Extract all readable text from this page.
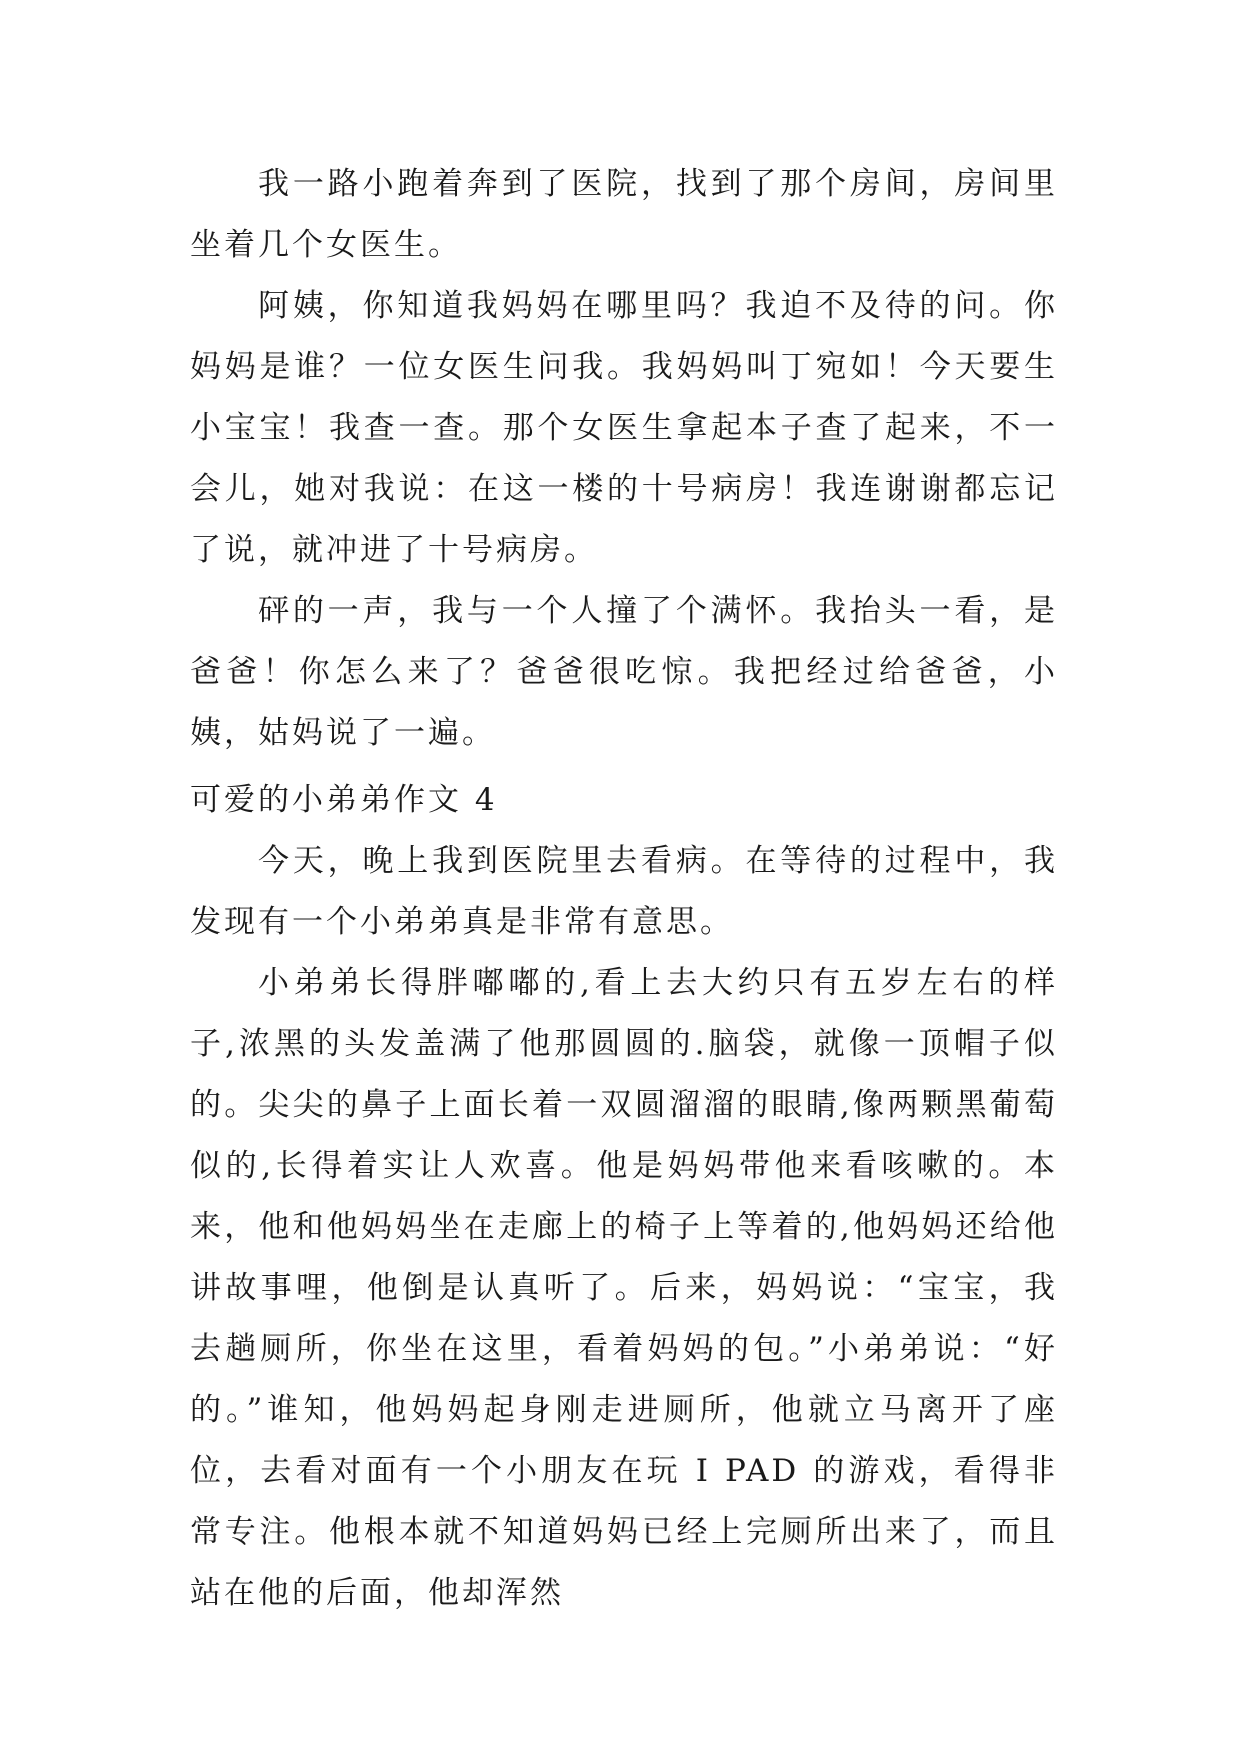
我一路小跑着奔到了医院，找到了那个房间，房间里坐着几个女医生。

阿姨，你知道我妈妈在哪里吗？我迫不及待的问。你妈妈是谁？一位女医生问我。我妈妈叫丁宛如！今天要生小宝宝！我查一查。那个女医生拿起本子查了起来，不一会儿，她对我说：在这一楼的十号病房！我连谢谢都忘记了说，就冲进了十号病房。

砰的一声，我与一个人撞了个满怀。我抬头一看，是爸爸！你怎么来了？爸爸很吃惊。我把经过给爸爸，小姨，姑妈说了一遍。

可爱的小弟弟作文 4

今天，晚上我到医院里去看病。在等待的过程中，我发现有一个小弟弟真是非常有意思。

小弟弟长得胖嘟嘟的,看上去大约只有五岁左右的样子,浓黑的头发盖满了他那圆圆的.脑袋，就像一顶帽子似的。尖尖的鼻子上面长着一双圆溜溜的眼睛,像两颗黑葡萄似的,长得着实让人欢喜。他是妈妈带他来看咳嗽的。本来，他和他妈妈坐在走廊上的椅子上等着的,他妈妈还给他讲故事哩，他倒是认真听了。后来，妈妈说：“宝宝，我去趟厕所，你坐在这里，看着妈妈的包。”小弟弟说：“好的。”谁知，他妈妈起身刚走进厕所，他就立马离开了座位，去看对面有一个小朋友在玩 I PAD 的游戏，看得非常专注。他根本就不知道妈妈已经上完厕所出来了，而且站在他的后面，他却浑然
